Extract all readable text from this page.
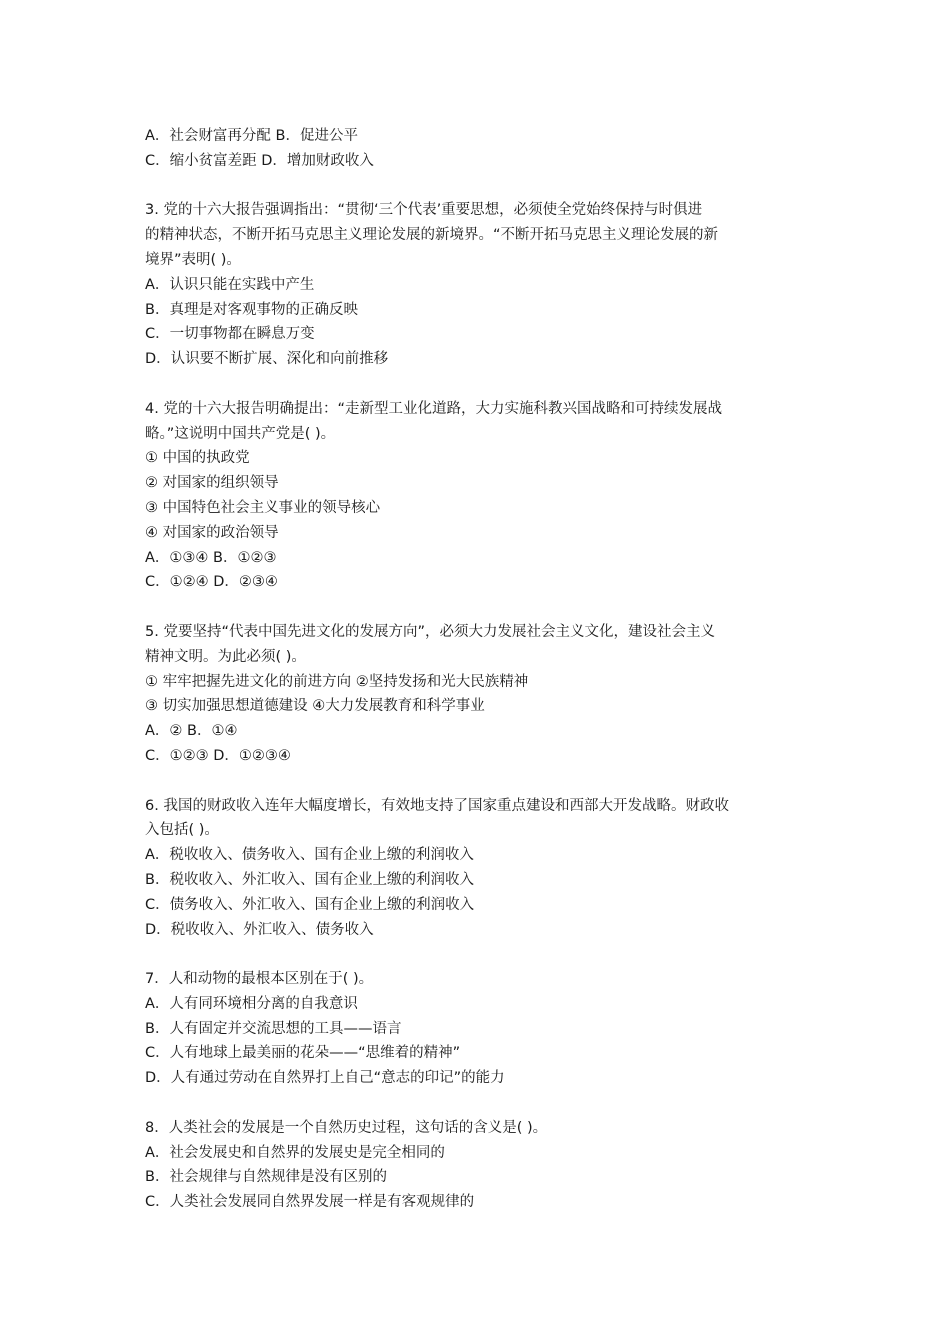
A．社会财富再分配 B．促进公平
C．缩小贫富差距 D．增加财政收入
3. 党的十六大报告强调指出：“贯彻‘三个代表’重要思想，必须使全党始终保持与时俱进
的精神状态，不断开拓马克思主义理论发展的新境界。“不断开拓马克思主义理论发展的新
境界”表明( )。
A．认识只能在实践中产生
B．真理是对客观事物的正确反映
C．一切事物都在瞬息万变
D．认识要不断扩展、深化和向前推移
4. 党的十六大报告明确提出：“走新型工业化道路，大力实施科教兴国战略和可持续发展战
略。”这说明中国共产党是( )。
① 中国的执政党
② 对国家的组织领导
③ 中国特色社会主义事业的领导核心
④ 对国家的政治领导
A．①③④ B．①②③
C．①②④ D．②③④
5. 党要坚持“代表中国先进文化的发展方向”，必须大力发展社会主义文化，建设社会主义
精神文明。为此必须( )。
① 牢牢把握先进文化的前进方向 ②坚持发扬和光大民族精神
③ 切实加强思想道德建设 ④大力发展教育和科学事业
A．② B．①④
C．①②③ D．①②③④
6. 我国的财政收入连年大幅度增长，有效地支持了国家重点建设和西部大开发战略。财政收
入包括( )。
A．税收收入、债务收入、国有企业上缴的利润收入
B．税收收入、外汇收入、国有企业上缴的利润收入
C．债务收入、外汇收入、国有企业上缴的利润收入
D．税收收入、外汇收入、债务收入
7．人和动物的最根本区别在于( )。
A．人有同环境相分离的自我意识
B．人有固定并交流思想的工具——语言
C．人有地球上最美丽的花朵——“思维着的精神”
D．人有通过劳动在自然界打上自己“意志的印记”的能力
8．人类社会的发展是一个自然历史过程，这句话的含义是( )。
A．社会发展史和自然界的发展史是完全相同的
B．社会规律与自然规律是没有区别的
C．人类社会发展同自然界发展一样是有客观规律的
